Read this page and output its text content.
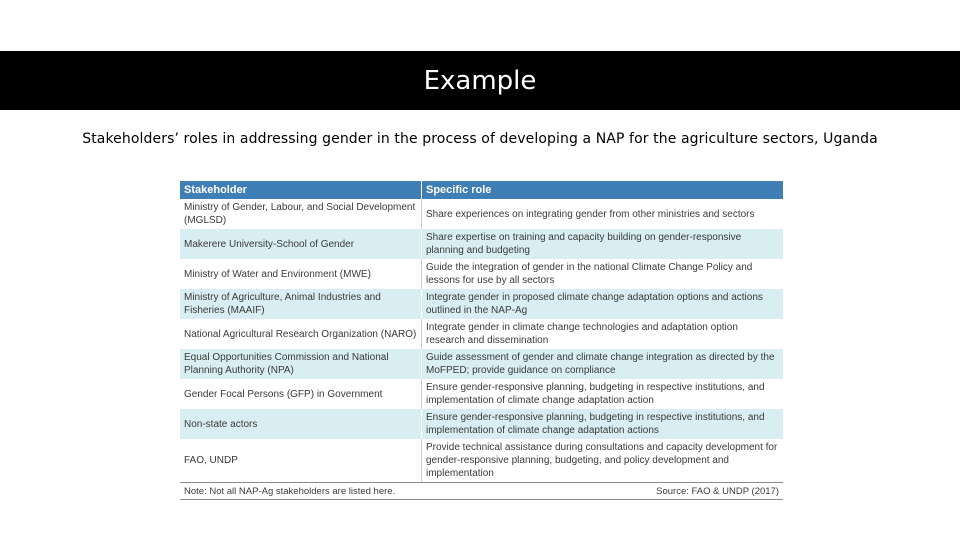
Example
Stakeholders’ roles in addressing gender in the process of developing a NAP for the agriculture sectors, Uganda
Stakeholder	Specific role
Ministry of Gender, Labour, and Social Development (MGLSD)	Share experiences on integrating gender from other ministries and sectors
Makerere University-School of Gender	Share expertise on training and capacity building on gender-responsive planning and budgeting
Ministry of Water and Environment (MWE)	Guide the integration of gender in the national Climate Change Policy and lessons for use by all sectors
Ministry of Agriculture, Animal Industries and Fisheries (MAAIF)	Integrate gender in proposed climate change adaptation options and actions outlined in the NAP-Ag
National Agricultural Research Organization (NARO)	Integrate gender in climate change technologies and adaptation option research and dissemination
Equal Opportunities Commission and National Planning Authority (NPA)	Guide assessment of gender and climate change integration as directed by the MoFPED; provide guidance on compliance
Gender Focal Persons (GFP) in Government	Ensure gender-responsive planning, budgeting in respective institutions, and implementation of climate change adaptation action
Non-state actors	Ensure gender-responsive planning, budgeting in respective institutions, and implementation of climate change adaptation actions
FAO, UNDP	Provide technical assistance during consultations and capacity development for gender-responsive planning, budgeting, and policy development and implementation
Note: Not all NAP-Ag stakeholders are listed here.	Source: FAO & UNDP (2017)
